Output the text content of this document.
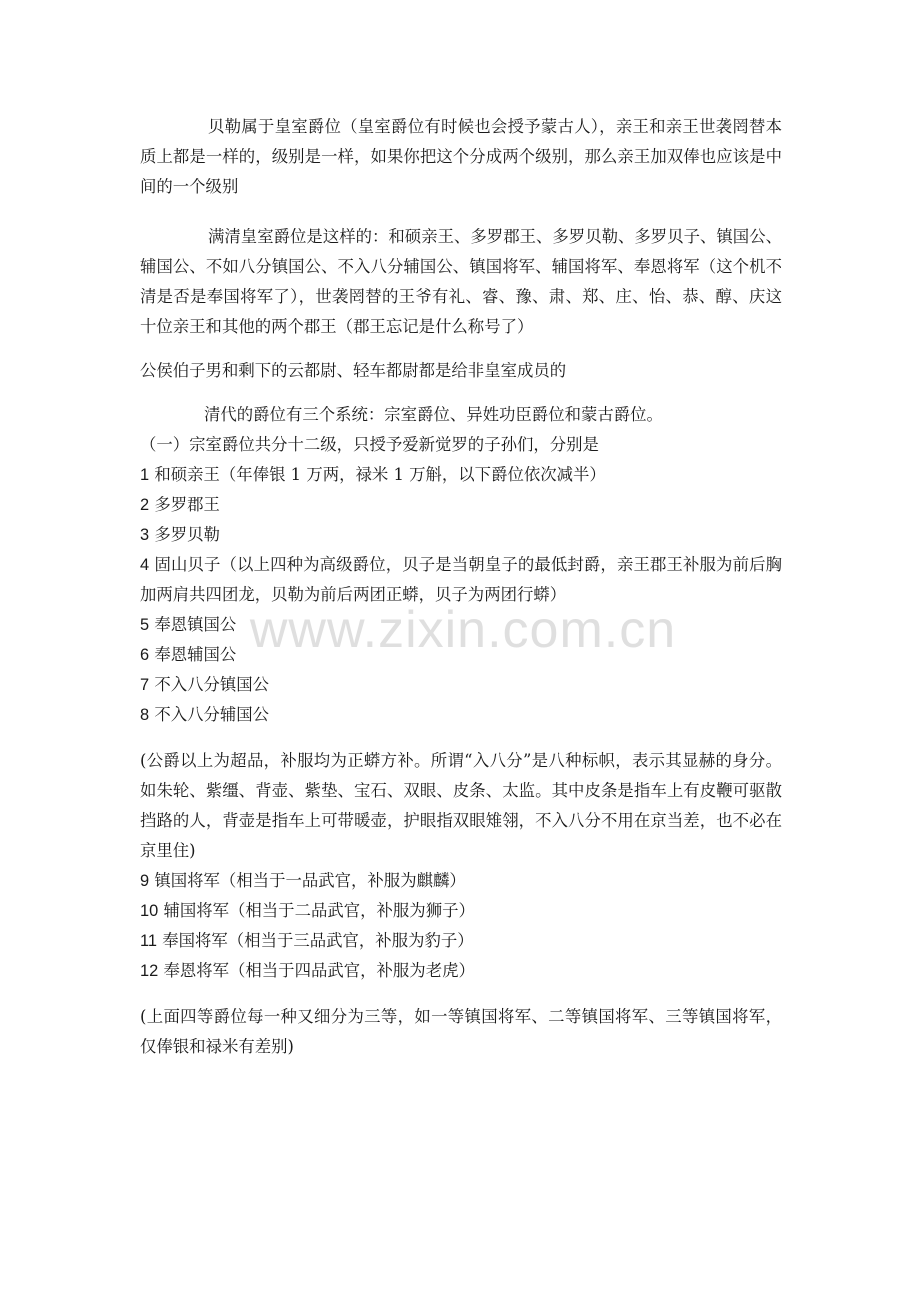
贝勒属于皇室爵位（皇室爵位有时候也会授予蒙古人），亲王和亲王世袭罔替本质上都是一样的，级别是一样，如果你把这个分成两个级别，那么亲王加双俸也应该是中间的一个级别

满清皇室爵位是这样的：和硕亲王、多罗郡王、多罗贝勒、多罗贝子、镇国公、辅国公、不如八分镇国公、不入八分辅国公、镇国将军、辅国将军、奉恩将军（这个机不清是否是奉国将军了），世袭罔替的王爷有礼、睿、豫、肃、郑、庄、怡、恭、醇、庆这十位亲王和其他的两个郡王（郡王忘记是什么称号了）

公侯伯子男和剩下的云都尉、轻车都尉都是给非皇室成员的

清代的爵位有三个系统：宗室爵位、异姓功臣爵位和蒙古爵位。

（一）宗室爵位共分十二级，只授予爱新觉罗的子孙们，分别是

1 和硕亲王（年俸银 1 万两，禄米 1 万斛，以下爵位依次减半）

2 多罗郡王

3 多罗贝勒

4 固山贝子（以上四种为高级爵位，贝子是当朝皇子的最低封爵，亲王郡王补服为前后胸加两肩共四团龙，贝勒为前后两团正蟒，贝子为两团行蟒）

5 奉恩镇国公

6 奉恩辅国公

7 不入八分镇国公

8 不入八分辅国公

(公爵以上为超品，补服均为正蟒方补。所谓“入八分”是八种标帜，表示其显赫的身分。如朱轮、紫缰、背壶、紫垫、宝石、双眼、皮条、太监。其中皮条是指车上有皮鞭可驱散挡路的人，背壶是指车上可带暖壶，护眼指双眼雉翎，不入八分不用在京当差，也不必在京里住)

9 镇国将军（相当于一品武官，补服为麒麟）

10 辅国将军（相当于二品武官，补服为狮子）

11 奉国将军（相当于三品武官，补服为豹子）

12 奉恩将军（相当于四品武官，补服为老虎）

(上面四等爵位每一种又细分为三等，如一等镇国将军、二等镇国将军、三等镇国将军，仅俸银和禄米有差别)

www.zixin.com.cn
